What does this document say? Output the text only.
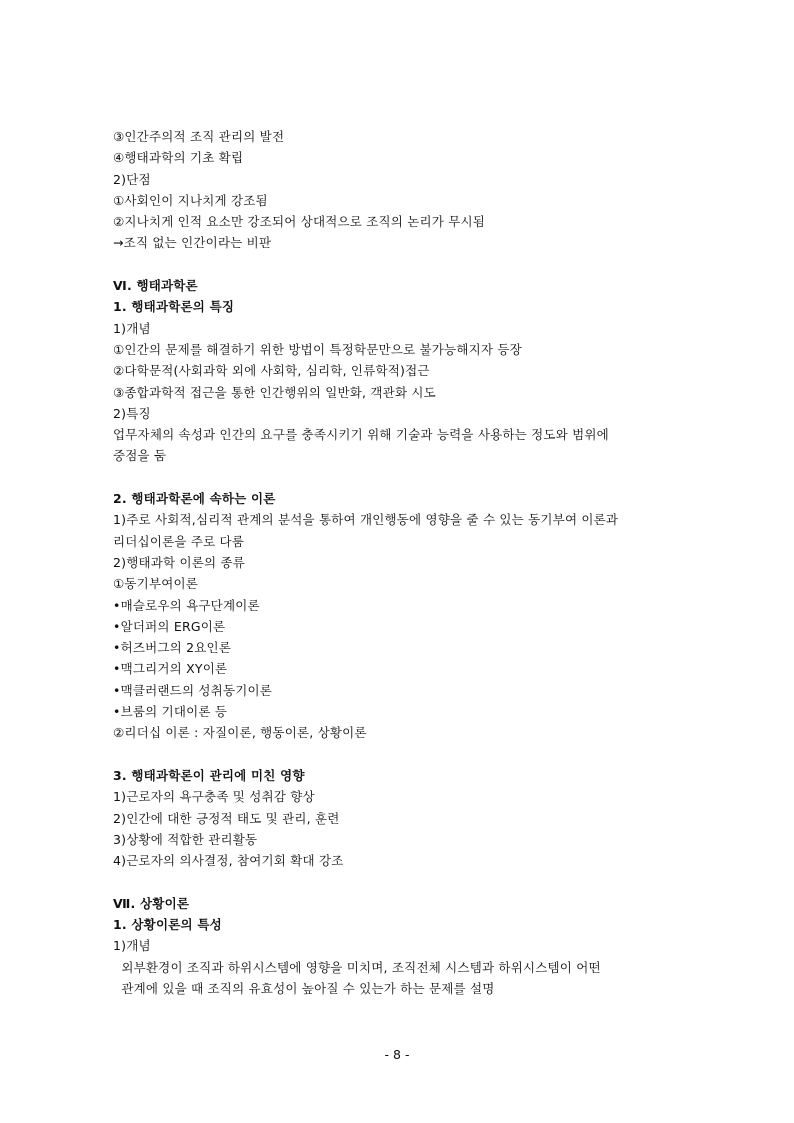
③인간주의적 조직 관리의 발전
④행태과학의 기초 확립
2)단점
①사회인이 지나치게 강조됨
②지나치게 인적 요소만 강조되어 상대적으로 조직의 논리가 무시됨
→조직 없는 인간이라는 비판
Ⅵ. 행태과학론
1. 행태과학론의 특징
1)개념
①인간의 문제를 해결하기 위한 방법이 특정학문만으로 불가능해지자 등장
②다학문적(사회과학 외에 사회학, 심리학, 인류학적)접근
③종합과학적 접근을 통한 인간행위의 일반화, 객관화 시도
2)특징
업무자체의 속성과 인간의 요구를 충족시키기 위해 기술과 능력을 사용하는 정도와 범위에
중점을 둠
2. 행태과학론에 속하는 이론
1)주로 사회적,심리적 관계의 분석을 통하여 개인행동에 영향을 줄 수 있는 동기부여 이론과
리더십이론을 주로 다룸
2)행태과학 이론의 종류
①동기부여이론
•매슬로우의 욕구단계이론
•알더퍼의 ERG이론
•허즈버그의 2요인론
•맥그리거의 XY이론
•맥클러랜드의 성취동기이론
•브룸의 기대이론 등
②리더십 이론 : 자질이론, 행동이론, 상황이론
3. 행태과학론이 관리에 미친 영향
1)근로자의 욕구충족 및 성취감 향상
2)인간에 대한 긍정적 태도 및 관리, 훈련
3)상황에 적합한 관리활동
4)근로자의 의사결정, 참여기회 확대 강조
Ⅶ. 상황이론
1. 상황이론의 특성
1)개념
외부환경이 조직과 하위시스템에 영향을 미치며, 조직전체 시스템과 하위시스템이 어떤
관계에 있을 때 조직의 유효성이 높아질 수 있는가 하는 문제를 설명
- 8 -
